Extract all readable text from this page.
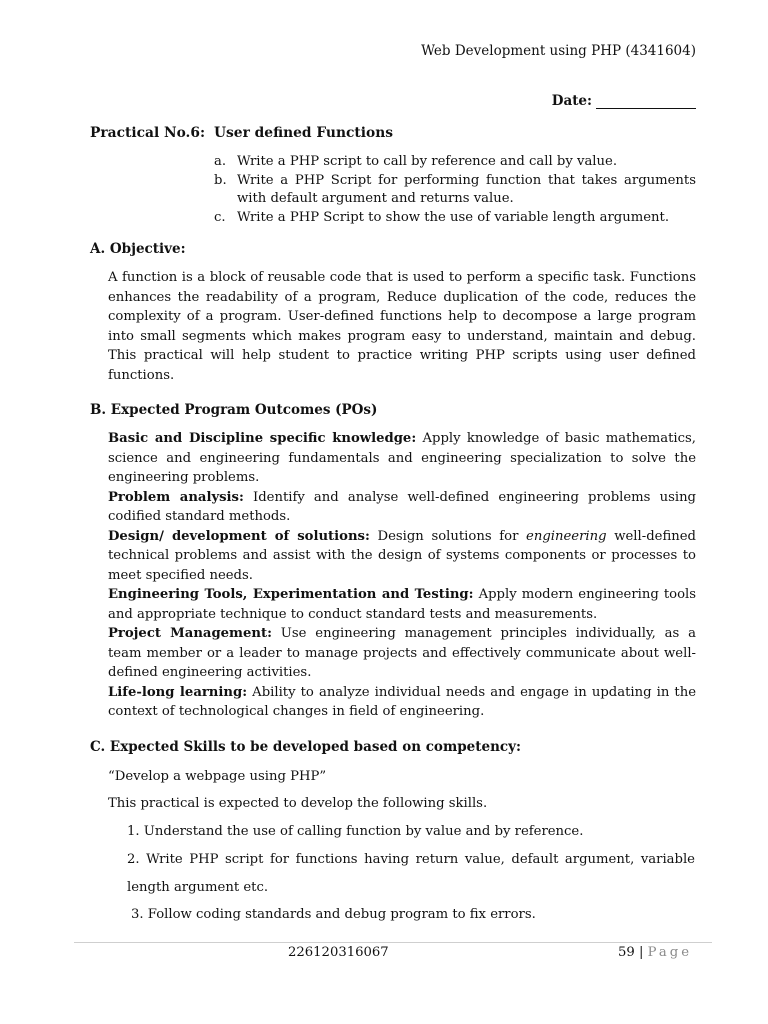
Web Development using PHP (4341604)
Date:
Practical No.6: User defined Functions
a. Write a PHP script to call by reference and call by value.
b. Write a PHP Script for performing function that takes arguments with default argument and returns value.
c. Write a PHP Script to show the use of variable length argument.
A. Objective:
A function is a block of reusable code that is used to perform a specific task. Functions enhances the readability of a program, Reduce duplication of the code, reduces the complexity of a program. User-defined functions help to decompose a large program into small segments which makes program easy to understand, maintain and debug. This practical will help student to practice writing PHP scripts using user defined functions.
B. Expected Program Outcomes (POs)
Basic and Discipline specific knowledge: Apply knowledge of basic mathematics, science and engineering fundamentals and engineering specialization to solve the engineering problems.
Problem analysis: Identify and analyse well-defined engineering problems using codified standard methods.
Design/ development of solutions: Design solutions for engineering well-defined technical problems and assist with the design of systems components or processes to meet specified needs.
Engineering Tools, Experimentation and Testing: Apply modern engineering tools and appropriate technique to conduct standard tests and measurements.
Project Management: Use engineering management principles individually, as a team member or a leader to manage projects and effectively communicate about well-defined engineering activities.
Life-long learning: Ability to analyze individual needs and engage in updating in the context of technological changes in field of engineering.
C. Expected Skills to be developed based on competency:
“Develop a webpage using PHP”
This practical is expected to develop the following skills.
1. Understand the use of calling function by value and by reference.
2. Write PHP script for functions having return value, default argument, variable length argument etc.
3. Follow coding standards and debug program to fix errors.
226120316067	59 | Page
